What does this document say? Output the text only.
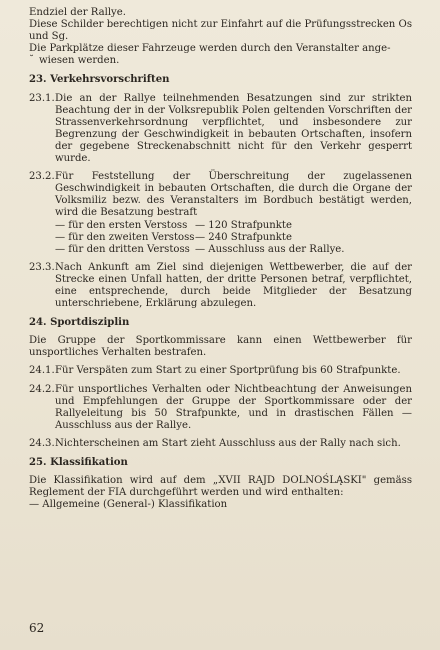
Endziel der Rallye.

Diese Schilder berechtigen nicht zur Einfahrt auf die Prüfungsstrecken Os und Sg.

Die Parkplätze dieser Fahrzeuge werden durch den Veranstalter ange-

˘ wiesen werden.

23. Verkehrsvorschriften

23.1. Die an der Rallye teilnehmenden Besatzungen sind zur strikten Beachtung der in der Volksrepublik Polen geltenden Vorschriften der Strassenverkehrsordnung verpflichtet, und insbesondere zur Begrenzung der Geschwindigkeit in bebauten Ortschaften, insofern der gegebene Streckenabschnitt nicht für den Verkehr gesperrt wurde.

23.2. Für Feststellung der Überschreitung der zugelassenen Geschwindigkeit in bebauten Ortschaften, die durch die Organe der Volksmiliz bezw. des Veranstalters im Bordbuch bestätigt werden, wird die Besatzung bestraft

— für den ersten Verstoss — 120 Strafpunkte
— für den zweiten Verstoss — 240 Strafpunkte
— für den dritten Verstoss — Ausschluss aus der Rallye.
23.3. Nach Ankunft am Ziel sind diejenigen Wettbewerber, die auf der Strecke einen Unfall hatten, der dritte Personen betraf, verpflichtet, eine entsprechende, durch beide Mitglieder der Besatzung unterschriebene, Erklärung abzulegen.

24. Sportdisziplin

Die Gruppe der Sportkommissare kann einen Wettbewerber für unsportliches Verhalten bestrafen.

24.1. Für Verspäten zum Start zu einer Sportprüfung bis 60 Strafpunkte.

24.2. Für unsportliches Verhalten oder Nichtbeachtung der Anweisungen und Empfehlungen der Gruppe der Sportkommissare oder der Rallyeleitung bis 50 Strafpunkte, und in drastischen Fällen — Ausschluss aus der Rallye.

24.3. Nichterscheinen am Start zieht Ausschluss aus der Rally nach sich.

25. Klassifikation

Die Klassifikation wird auf dem „XVII RAJD DOLNOŚLĄSKI" gemäss Reglement der FIA durchgeführt werden und wird enthalten:

— Allgemeine (General-) Klassifikation

62
